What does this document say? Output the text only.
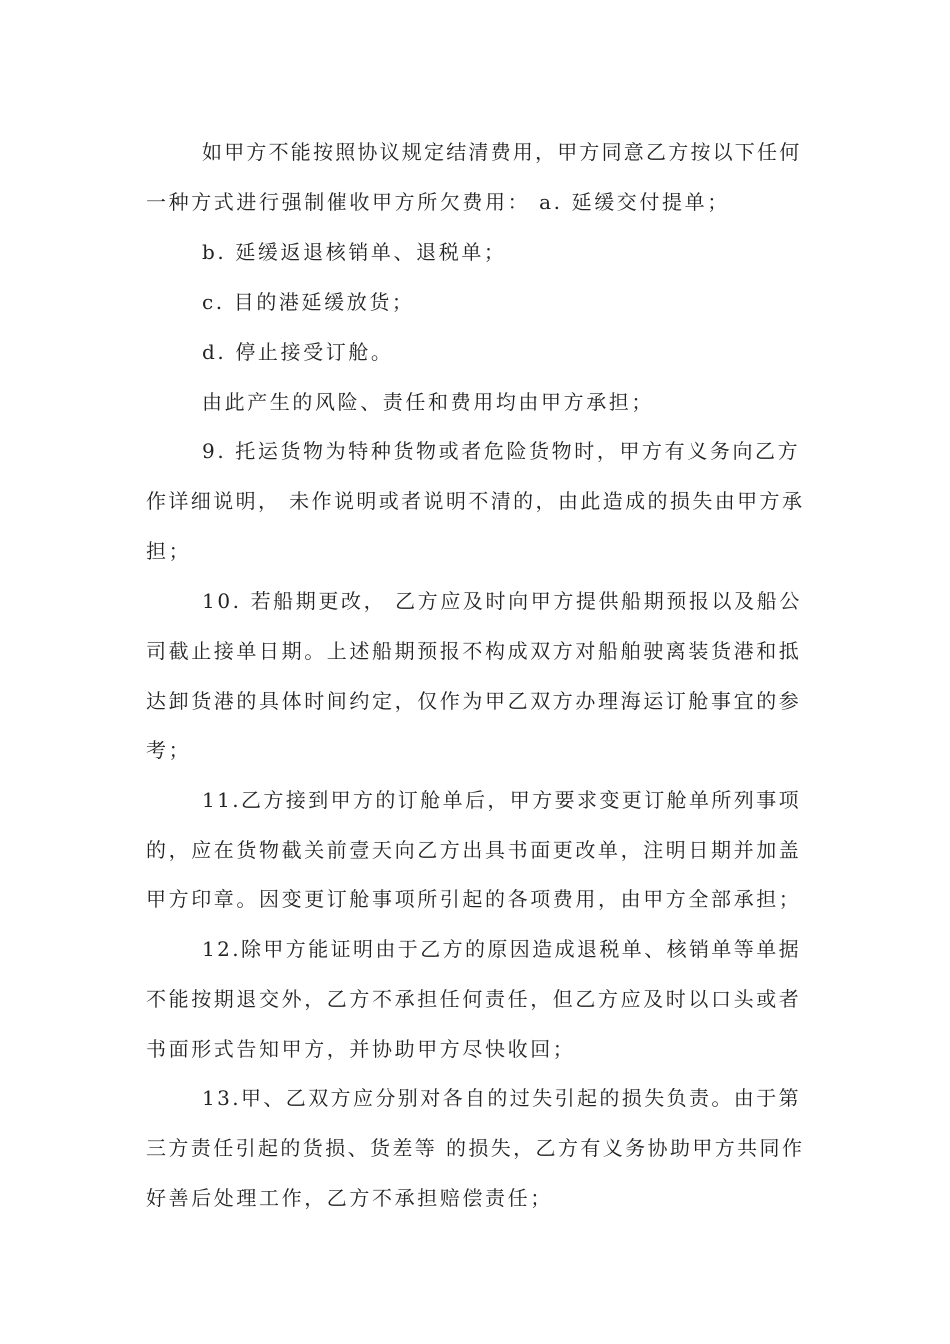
如甲方不能按照协议规定结清费用，甲方同意乙方按以下任何
一种方式进行强制催收甲方所欠费用： a. 延缓交付提单；
b. 延缓返退核销单、退税单；
c. 目的港延缓放货；
d. 停止接受订舱。
由此产生的风险、责任和费用均由甲方承担；
9. 托运货物为特种货物或者危险货物时，甲方有义务向乙方
作详细说明， 未作说明或者说明不清的，由此造成的损失由甲方承
担；
10. 若船期更改， 乙方应及时向甲方提供船期预报以及船公
司截止接单日期。上述船期预报不构成双方对船舶驶离装货港和抵
达卸货港的具体时间约定，仅作为甲乙双方办理海运订舱事宜的参
考；
11.乙方接到甲方的订舱单后，甲方要求变更订舱单所列事项
的，应在货物截关前壹天向乙方出具书面更改单，注明日期并加盖
甲方印章。因变更订舱事项所引起的各项费用，由甲方全部承担；
12.除甲方能证明由于乙方的原因造成退税单、核销单等单据
不能按期退交外，乙方不承担任何责任，但乙方应及时以口头或者
书面形式告知甲方，并协助甲方尽快收回；
13.甲、乙双方应分别对各自的过失引起的损失负责。由于第
三方责任引起的货损、货差等 的损失，乙方有义务协助甲方共同作
好善后处理工作，乙方不承担赔偿责任；
